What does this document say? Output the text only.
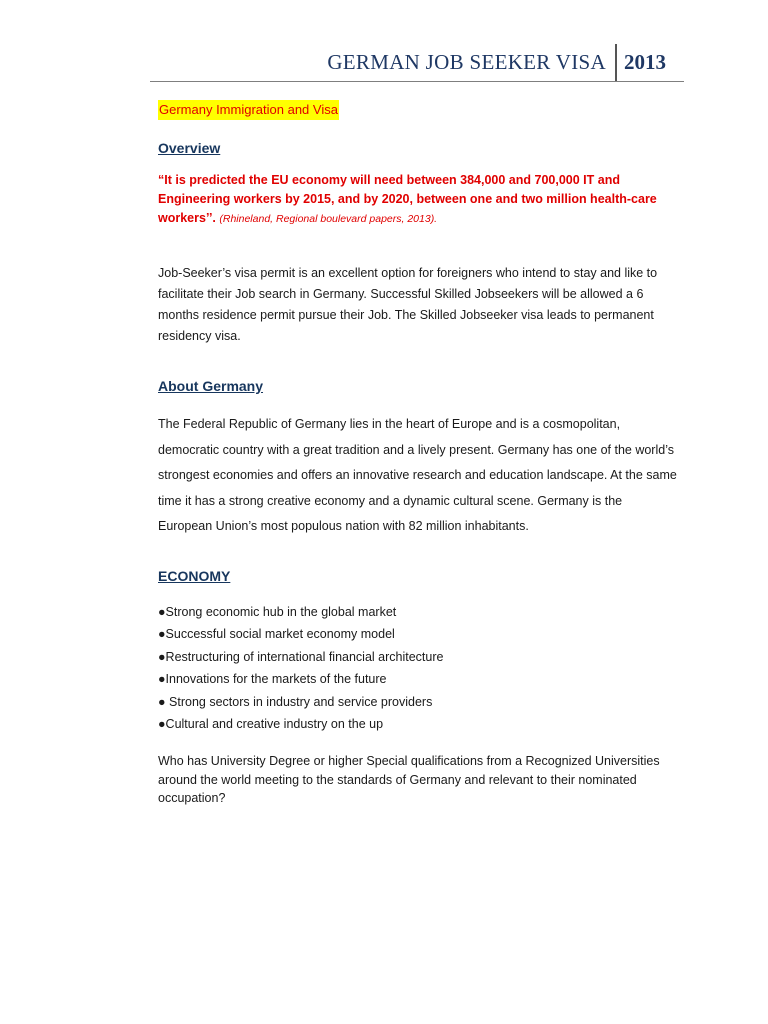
GERMAN JOB SEEKER VISA 2013
Germany Immigration and Visa
Overview

“It is predicted the EU economy will need between 384,000 and 700,000 IT and Engineering workers by 2015, and by 2020, between one and two million health-care workers’’. (Rhineland, Regional boulevard papers, 2013).

Job-Seeker’s visa permit is an excellent option for foreigners who intend to stay and like to facilitate their Job search in Germany. Successful Skilled Jobseekers will be allowed a 6 months residence permit pursue their Job. The Skilled Jobseeker visa leads to permanent residency visa.

About Germany

The Federal Republic of Germany lies in the heart of Europe and is a cosmopolitan, democratic country with a great tradition and a lively present. Germany has one of the world’s strongest economies and offers an innovative research and education landscape. At the same time it has a strong creative economy and a dynamic cultural scene. Germany is the European Union’s most populous nation with 82 million inhabitants.

ECONOMY
●Strong economic hub in the global market
●Successful social market economy model
●Restructuring of international financial architecture
●Innovations for the markets of the future
● Strong sectors in industry and service providers
●Cultural and creative industry on the up

Who has University Degree or higher Special qualifications from a Recognized Universities around the world meeting to the standards of Germany and relevant to their nominated occupation?
